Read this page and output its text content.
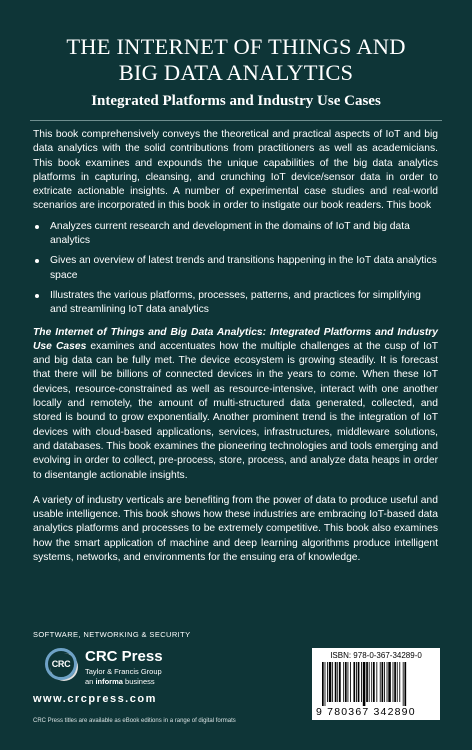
THE INTERNET OF THINGS AND
BIG DATA ANALYTICS
Integrated Platforms and Industry Use Cases

This book comprehensively conveys the theoretical and practical aspects of IoT and big data analytics with the solid contributions from practitioners as well as academicians. This book examines and expounds the unique capabilities of the big data analytics platforms in capturing, cleansing, and crunching IoT device/sensor data in order to extricate actionable insights. A number of experimental case studies and real-world scenarios are incorporated in this book in order to instigate our book readers. This book

Analyzes current research and development in the domains of IoT and big data analytics
Gives an overview of latest trends and transitions happening in the IoT data analytics space
Illustrates the various platforms, processes, patterns, and practices for simplifying and streamlining IoT data analytics

The Internet of Things and Big Data Analytics: Integrated Platforms and Industry Use Cases examines and accentuates how the multiple challenges at the cusp of IoT and big data can be fully met. The device ecosystem is growing steadily. It is forecast that there will be billions of connected devices in the years to come. When these IoT devices, resource-constrained as well as resource-intensive, interact with one another locally and remotely, the amount of multi-structured data generated, collected, and stored is bound to grow exponentially. Another prominent trend is the integration of IoT devices with cloud-based applications, services, infrastructures, middleware solutions, and databases. This book examines the pioneering technologies and tools emerging and evolving in order to collect, pre-process, store, process, and analyze data heaps in order to disentangle actionable insights.

A variety of industry verticals are benefiting from the power of data to produce useful and usable intelligence. This book shows how these industries are embracing IoT-based data analytics platforms and processes to be extremely competitive. This book also examines how the smart application of machine and deep learning algorithms produce intelligent systems, networks, and environments for the ensuing era of knowledge.

SOFTWARE, NETWORKING & SECURITY
CRC CRC Press
Taylor & Francis Group
an informa business
www.crcpress.com
CRC Press titles are available as eBook editions in a range of digital formats
ISBN: 978-0-367-34289-0
9 780367 342890
